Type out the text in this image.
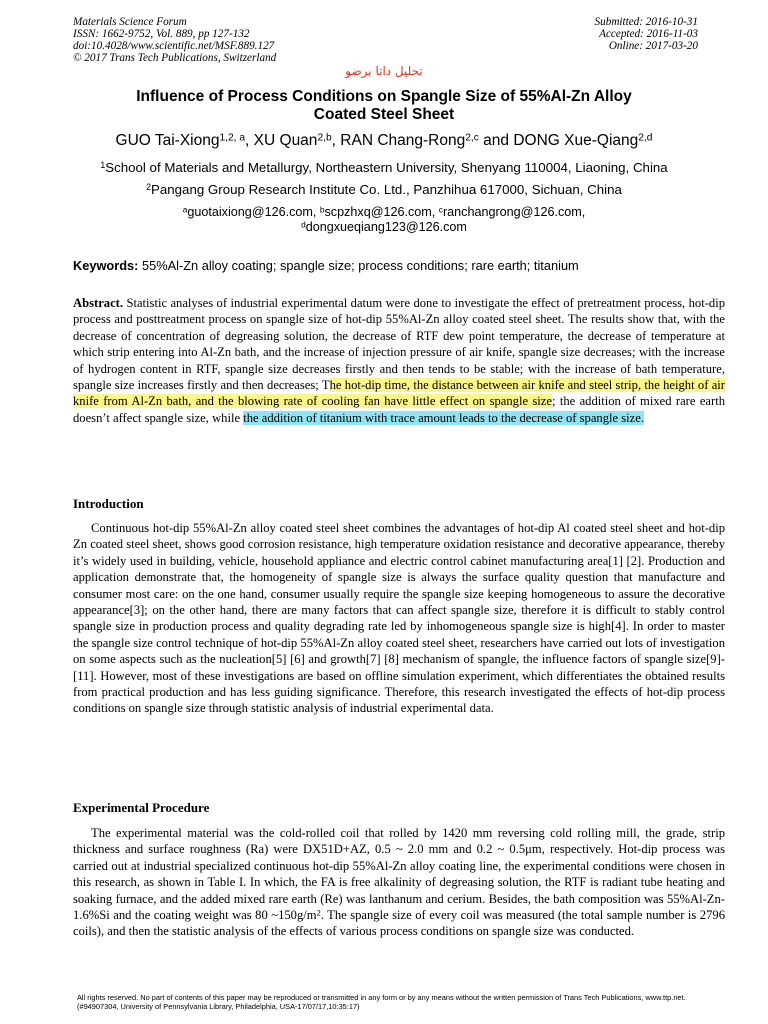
Materials Science Forum
ISSN: 1662-9752, Vol. 889, pp 127-132
doi:10.4028/www.scientific.net/MSF.889.127
© 2017 Trans Tech Publications, Switzerland
Submitted: 2016-10-31
Accepted: 2016-11-03
Online: 2017-03-20
تحليل داتا برضو
Influence of Process Conditions on Spangle Size of 55%Al-Zn Alloy
Coated Steel Sheet
GUO Tai-Xiong$^{1,2, a}$, XU Quan$^{2,b}$, RAN Chang-Rong$^{2,c}$ and DONG Xue-Qiang$^{2,d}$
$^1$School of Materials and Metallurgy, Northeastern University, Shenyang 110004, Liaoning, China
$^2$Pangang Group Research Institute Co. Ltd., Panzhihua 617000, Sichuan, China
$^a$guotaixiong@126.com, $^b$scpzhxq@126.com, $^c$ranchangrong@126.com,
$^d$dongxueqiang123@126.com
Keywords: 55%Al-Zn alloy coating; spangle size; process conditions; rare earth; titanium
Abstract. Statistic analyses of industrial experimental datum were done to investigate the effect of pretreatment process, hot-dip process and posttreatment process on spangle size of hot-dip 55%Al-Zn alloy coated steel sheet. The results show that, with the decrease of concentration of degreasing solution, the decrease of RTF dew point temperature, the decrease of temperature at which strip entering into Al-Zn bath, and the increase of injection pressure of air knife, spangle size decreases; with the increase of hydrogen content in RTF, spangle size decreases firstly and then tends to be stable; with the increase of bath temperature, spangle size increases firstly and then decreases; The hot-dip time, the distance between air knife and steel strip, the height of air knife from Al-Zn bath, and the blowing rate of cooling fan have little effect on spangle size; the addition of mixed rare earth doesn’t affect spangle size, while the addition of titanium with trace amount leads to the decrease of spangle size.
Introduction
Continuous hot-dip 55%Al-Zn alloy coated steel sheet combines the advantages of hot-dip Al coated steel sheet and hot-dip Zn coated steel sheet, shows good corrosion resistance, high temperature oxidation resistance and decorative appearance, thereby it’s widely used in building, vehicle, household appliance and electric control cabinet manufacturing area[1] [2]. Production and application demonstrate that, the homogeneity of spangle size is always the surface quality question that manufacture and consumer most care: on the one hand, consumer usually require the spangle size keeping homogeneous to assure the decorative appearance[3]; on the other hand, there are many factors that can affect spangle size, therefore it is difficult to stably control spangle size in production process and quality degrading rate led by inhomogeneous spangle size is high[4]. In order to master the spangle size control technique of hot-dip 55%Al-Zn alloy coated steel sheet, researchers have carried out lots of investigation on some aspects such as the nucleation[5] [6] and growth[7] [8] mechanism of spangle, the influence factors of spangle size[9]-[11]. However, most of these investigations are based on offline simulation experiment, which differentiates the obtained results from practical production and has less guiding significance. Therefore, this research investigated the effects of hot-dip process conditions on spangle size through statistic analysis of industrial experimental data.
Experimental Procedure
The experimental material was the cold-rolled coil that rolled by 1420 mm reversing cold rolling mill, the grade, strip thickness and surface roughness (Ra) were DX51D+AZ, 0.5 ~ 2.0 mm and 0.2 ~ 0.5μm, respectively. Hot-dip process was carried out at industrial specialized continuous hot-dip 55%Al-Zn alloy coating line, the experimental conditions were chosen in this research, as shown in Table I. In which, the FA is free alkalinity of degreasing solution, the RTF is radiant tube heating and soaking furnace, and the added mixed rare earth (Re) was lanthanum and cerium. Besides, the bath composition was 55%Al-Zn-1.6%Si and the coating weight was 80 $\sim 150g/m^2$. The spangle size of every coil was measured (the total sample number is 2796 coils), and then the statistic analysis of the effects of various process conditions on spangle size was conducted.
All rights reserved. No part of contents of this paper may be reproduced or transmitted in any form or by any means without the written permission of Trans Tech Publications, www.ttp.net. (#94907304, University of Pennsylvania Library, Philadelphia, USA-17/07/17,10:35:17)
